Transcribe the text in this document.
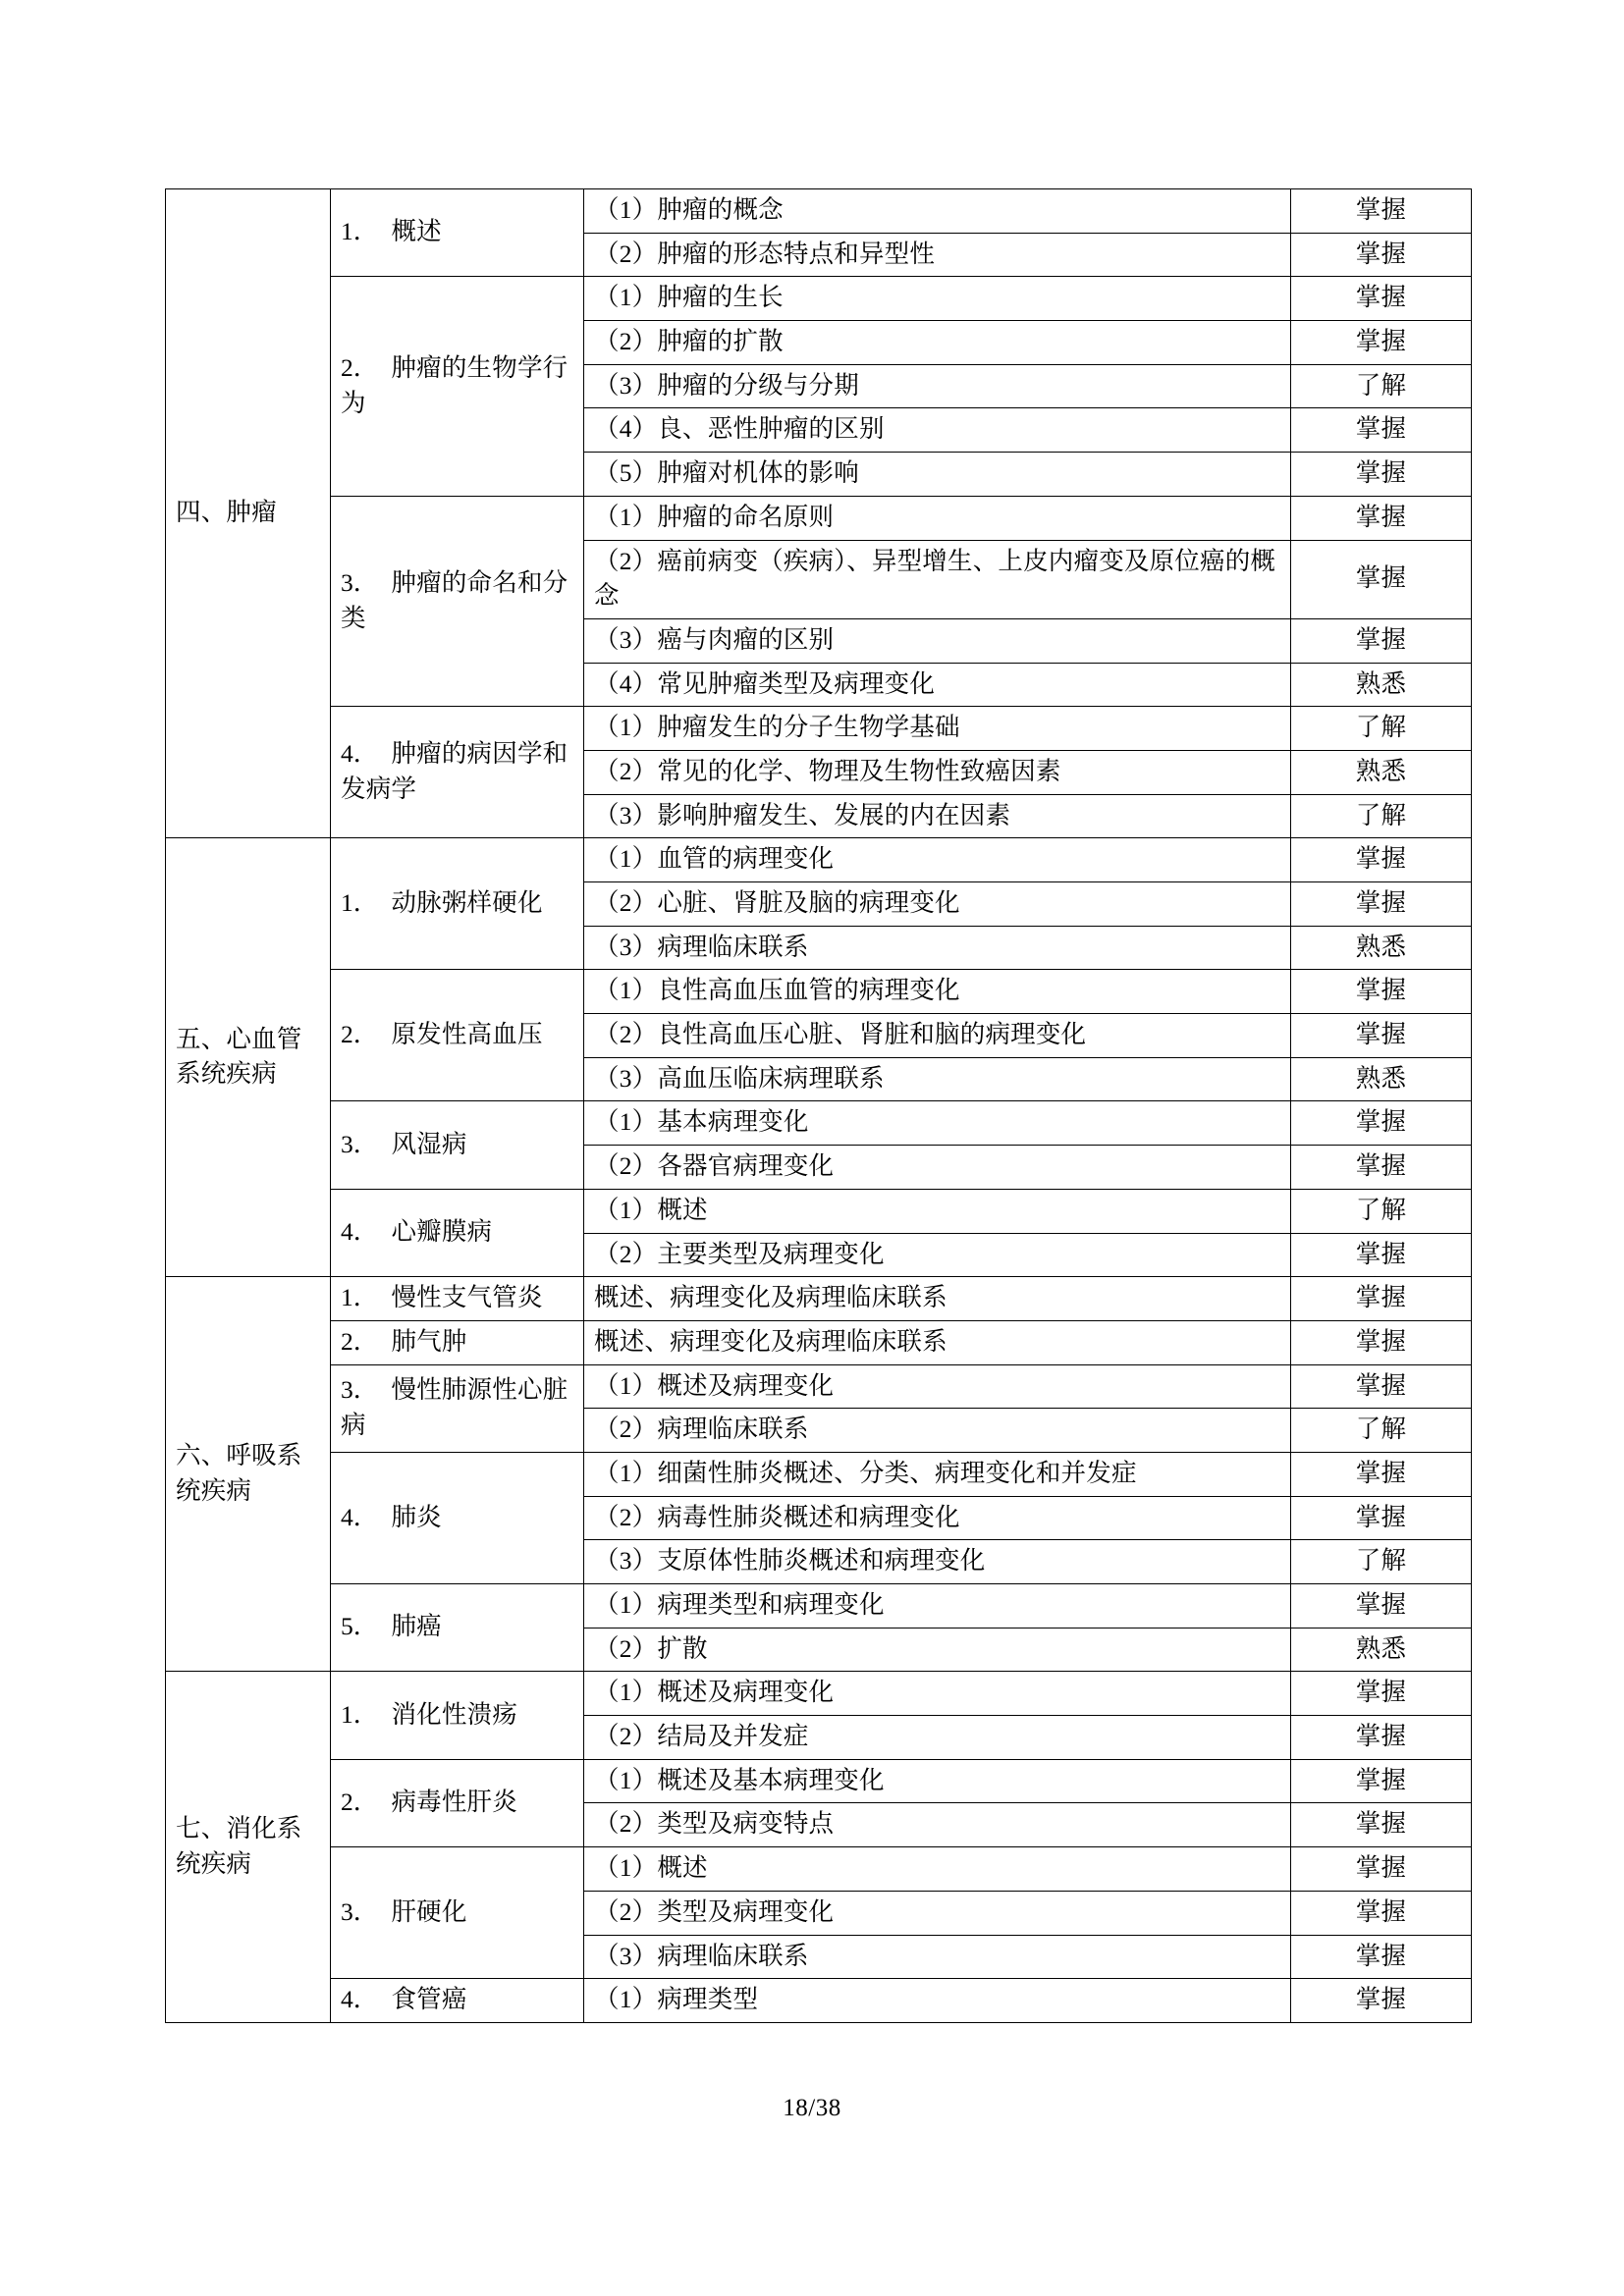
四、肿瘤	1． 概述	（1）肿瘤的概念	掌握
		（2）肿瘤的形态特点和异型性	掌握
	2． 肿瘤的生物学行为	（1）肿瘤的生长	掌握
		（2）肿瘤的扩散	掌握
		（3）肿瘤的分级与分期	了解
		（4）良、恶性肿瘤的区别	掌握
		（5）肿瘤对机体的影响	掌握
	3． 肿瘤的命名和分类	（1）肿瘤的命名原则	掌握
		（2）癌前病变（疾病）、异型增生、上皮内瘤变及原位癌的概念	掌握
		（3）癌与肉瘤的区别	掌握
		（4）常见肿瘤类型及病理变化	熟悉
	4． 肿瘤的病因学和发病学	（1）肿瘤发生的分子生物学基础	了解
		（2）常见的化学、物理及生物性致癌因素	熟悉
		（3）影响肿瘤发生、发展的内在因素	了解
五、心血管系统疾病	1． 动脉粥样硬化	（1）血管的病理变化	掌握
		（2）心脏、肾脏及脑的病理变化	掌握
		（3）病理临床联系	熟悉
	2． 原发性高血压	（1）良性高血压血管的病理变化	掌握
		（2）良性高血压心脏、肾脏和脑的病理变化	掌握
		（3）高血压临床病理联系	熟悉
	3． 风湿病	（1）基本病理变化	掌握
		（2）各器官病理变化	掌握
	4． 心瓣膜病	（1）概述	了解
		（2）主要类型及病理变化	掌握
六、呼吸系统疾病	1． 慢性支气管炎	概述、病理变化及病理临床联系	掌握
	2． 肺气肿	概述、病理变化及病理临床联系	掌握
	3． 慢性肺源性心脏病	（1）概述及病理变化	掌握
		（2）病理临床联系	了解
	4． 肺炎	（1）细菌性肺炎概述、分类、病理变化和并发症	掌握
		（2）病毒性肺炎概述和病理变化	掌握
		（3）支原体性肺炎概述和病理变化	了解
	5． 肺癌	（1）病理类型和病理变化	掌握
		（2）扩散	熟悉
七、消化系统疾病	1． 消化性溃疡	（1）概述及病理变化	掌握
		（2）结局及并发症	掌握
	2． 病毒性肝炎	（1）概述及基本病理变化	掌握
		（2）类型及病变特点	掌握
	3． 肝硬化	（1）概述	掌握
		（2）类型及病理变化	掌握
		（3）病理临床联系	掌握
	4． 食管癌	（1）病理类型	掌握
18/38
